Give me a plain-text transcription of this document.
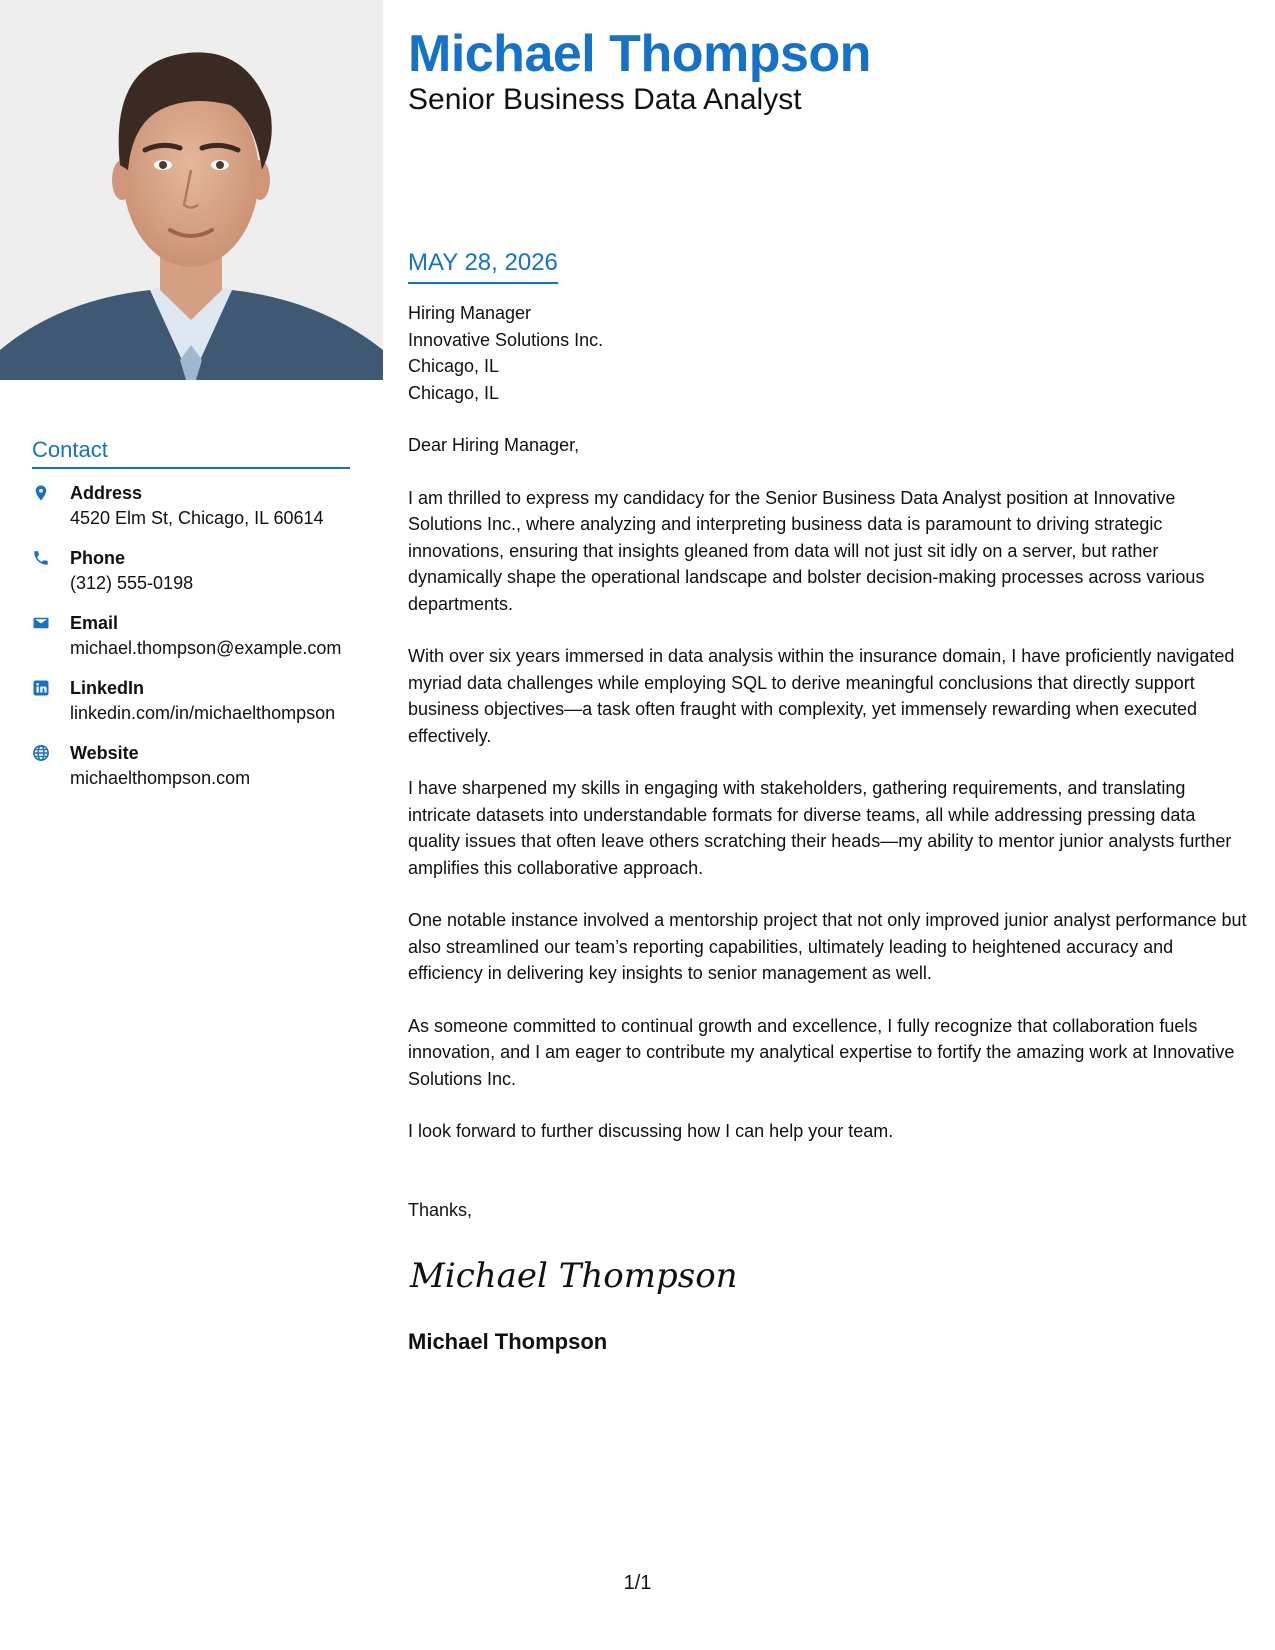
Michael Thompson
Senior Business Data Analyst
Contact
Address
4520 Elm St, Chicago, IL 60614
Phone
(312) 555-0198
Email
michael.thompson@example.com
LinkedIn
linkedin.com/in/michaelthompson
Website
michaelthompson.com
MAY 28, 2026
Hiring Manager
Innovative Solutions Inc.
Chicago, IL
Chicago, IL
Dear Hiring Manager,

I am thrilled to express my candidacy for the Senior Business Data Analyst position at Innovative Solutions Inc., where analyzing and interpreting business data is paramount to driving strategic innovations, ensuring that insights gleaned from data will not just sit idly on a server, but rather dynamically shape the operational landscape and bolster decision-making processes across various departments.

With over six years immersed in data analysis within the insurance domain, I have proficiently navigated myriad data challenges while employing SQL to derive meaningful conclusions that directly support business objectives—a task often fraught with complexity, yet immensely rewarding when executed effectively.

I have sharpened my skills in engaging with stakeholders, gathering requirements, and translating intricate datasets into understandable formats for diverse teams, all while addressing pressing data quality issues that often leave others scratching their heads—my ability to mentor junior analysts further amplifies this collaborative approach.

One notable instance involved a mentorship project that not only improved junior analyst performance but also streamlined our team’s reporting capabilities, ultimately leading to heightened accuracy and efficiency in delivering key insights to senior management as well.

As someone committed to continual growth and excellence, I fully recognize that collaboration fuels innovation, and I am eager to contribute my analytical expertise to fortify the amazing work at Innovative Solutions Inc.

I look forward to further discussing how I can help your team.

Thanks,
Michael Thompson
Michael Thompson
1/1
